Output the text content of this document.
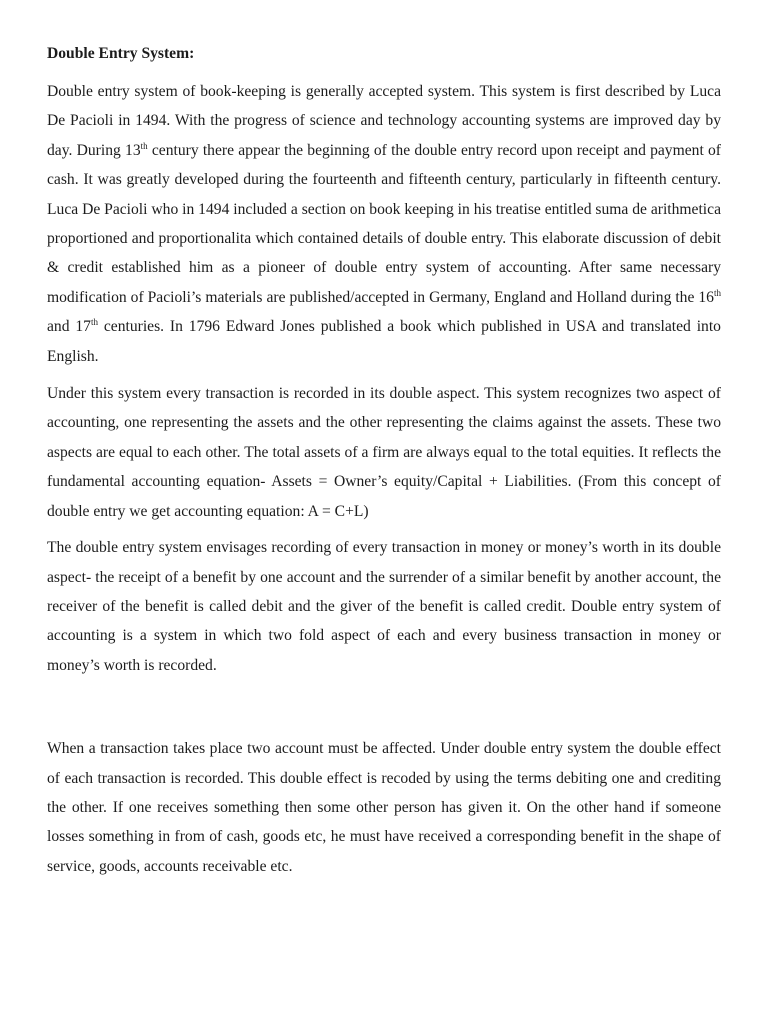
Double Entry System:

Double entry system of book-keeping is generally accepted system. This system is first described by Luca De Pacioli in 1494. With the progress of science and technology accounting systems are improved day by day. During 13th century there appear the beginning of the double entry record upon receipt and payment of cash. It was greatly developed during the fourteenth and fifteenth century, particularly in fifteenth century. Luca De Pacioli who in 1494 included a section on book keeping in his treatise entitled suma de arithmetica proportioned and proportionalita which contained details of double entry. This elaborate discussion of debit & credit established him as a pioneer of double entry system of accounting. After same necessary modification of Pacioli’s materials are published/accepted in Germany, England and Holland during the 16th and 17th centuries. In 1796 Edward Jones published a book which published in USA and translated into English.

Under this system every transaction is recorded in its double aspect. This system recognizes two aspect of accounting, one representing the assets and the other representing the claims against the assets. These two aspects are equal to each other. The total assets of a firm are always equal to the total equities. It reflects the fundamental accounting equation- Assets = Owner’s equity/Capital + Liabilities. (From this concept of double entry we get accounting equation: A = C+L)

The double entry system envisages recording of every transaction in money or money’s worth in its double aspect- the receipt of a benefit by one account and the surrender of a similar benefit by another account, the receiver of the benefit is called debit and the giver of the benefit is called credit. Double entry system of accounting is a system in which two fold aspect of each and every business transaction in money or money’s worth is recorded.

When a transaction takes place two account must be affected. Under double entry system the double effect of each transaction is recorded. This double effect is recoded by using the terms debiting one and crediting the other. If one receives something then some other person has given it. On the other hand if someone losses something in from of cash, goods etc, he must have received a corresponding benefit in the shape of service, goods, accounts receivable etc.
